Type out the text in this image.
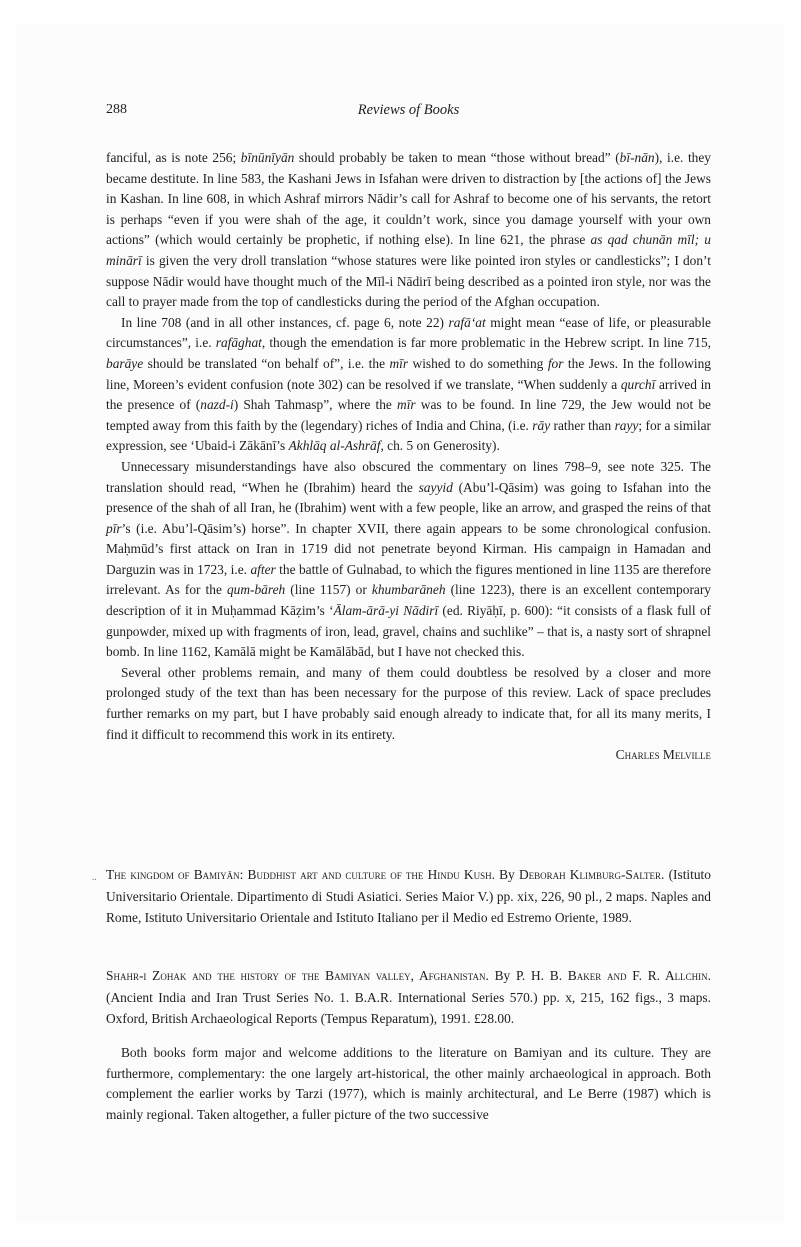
288	Reviews of Books

fanciful, as is note 256; bīnūnīyān should probably be taken to mean “those without bread” (bī-nān), i.e. they became destitute. In line 583, the Kashani Jews in Isfahan were driven to distraction by [the actions of] the Jews in Kashan. In line 608, in which Ashraf mirrors Nādir’s call for Ashraf to become one of his servants, the retort is perhaps “even if you were shah of the age, it couldn’t work, since you damage yourself with your own actions” (which would certainly be prophetic, if nothing else). In line 621, the phrase as qad chunān mīl; u minārī is given the very droll translation “whose statures were like pointed iron styles or candlesticks”; I don’t suppose Nādir would have thought much of the Mīl-i Nādirī being described as a pointed iron style, nor was the call to prayer made from the top of candlesticks during the period of the Afghan occupation.

In line 708 (and in all other instances, cf. page 6, note 22) rafā‘at might mean “ease of life, or pleasurable circumstances”, i.e. rafāghat, though the emendation is far more problematic in the Hebrew script. In line 715, barāye should be translated “on behalf of”, i.e. the mīr wished to do something for the Jews. In the following line, Moreen’s evident confusion (note 302) can be resolved if we translate, “When suddenly a qurchī arrived in the presence of (nazd-i) Shah Tahmasp”, where the mīr was to be found. In line 729, the Jew would not be tempted away from this faith by the (legendary) riches of India and China, (i.e. rāy rather than rayy; for a similar expression, see ‘Ubaid-i Zākānī’s Akhlāq al-Ashrāf, ch. 5 on Generosity).

Unnecessary misunderstandings have also obscured the commentary on lines 798–9, see note 325. The translation should read, “When he (Ibrahim) heard the sayyid (Abu’l-Qāsim) was going to Isfahan into the presence of the shah of all Iran, he (Ibrahim) went with a few people, like an arrow, and grasped the reins of that pīr’s (i.e. Abu’l-Qāsim’s) horse”. In chapter XVII, there again appears to be some chronological confusion. Maḥmūd’s first attack on Iran in 1719 did not penetrate beyond Kirman. His campaign in Hamadan and Darguzin was in 1723, i.e. after the battle of Gulnabad, to which the figures mentioned in line 1135 are therefore irrelevant. As for the qum-bāreh (line 1157) or khumbarāneh (line 1223), there is an excellent contemporary description of it in Muḥammad Kāẓim’s ‘Ālam-ārā-yi Nādirī (ed. Riyāḥī, p. 600): “it consists of a flask full of gunpowder, mixed up with fragments of iron, lead, gravel, chains and suchlike” – that is, a nasty sort of shrapnel bomb. In line 1162, Kamālā might be Kamālābād, but I have not checked this.

Several other problems remain, and many of them could doubtless be resolved by a closer and more prolonged study of the text than has been necessary for the purpose of this review. Lack of space precludes further remarks on my part, but I have probably said enough already to indicate that, for all its many merits, I find it difficult to recommend this work in its entirety.

Charles Melville

.. The kingdom of Bamiyān: Buddhist art and culture of the Hindu Kush. By Deborah Klimburg-Salter. (Istituto Universitario Orientale. Dipartimento di Studi Asiatici. Series Maior V.) pp. xix, 226, 90 pl., 2 maps. Naples and Rome, Istituto Universitario Orientale and Istituto Italiano per il Medio ed Estremo Oriente, 1989.
Shahr-i Zohak and the history of the Bamiyan valley, Afghanistan. By P. H. B. Baker and F. R. Allchin. (Ancient India and Iran Trust Series No. 1. B.A.R. International Series 570.) pp. x, 215, 162 figs., 3 maps. Oxford, British Archaeological Reports (Tempus Reparatum), 1991. £28.00.

Both books form major and welcome additions to the literature on Bamiyan and its culture. They are furthermore, complementary: the one largely art-historical, the other mainly archaeological in approach. Both complement the earlier works by Tarzi (1977), which is mainly architectural, and Le Berre (1987) which is mainly regional. Taken altogether, a fuller picture of the two successive
